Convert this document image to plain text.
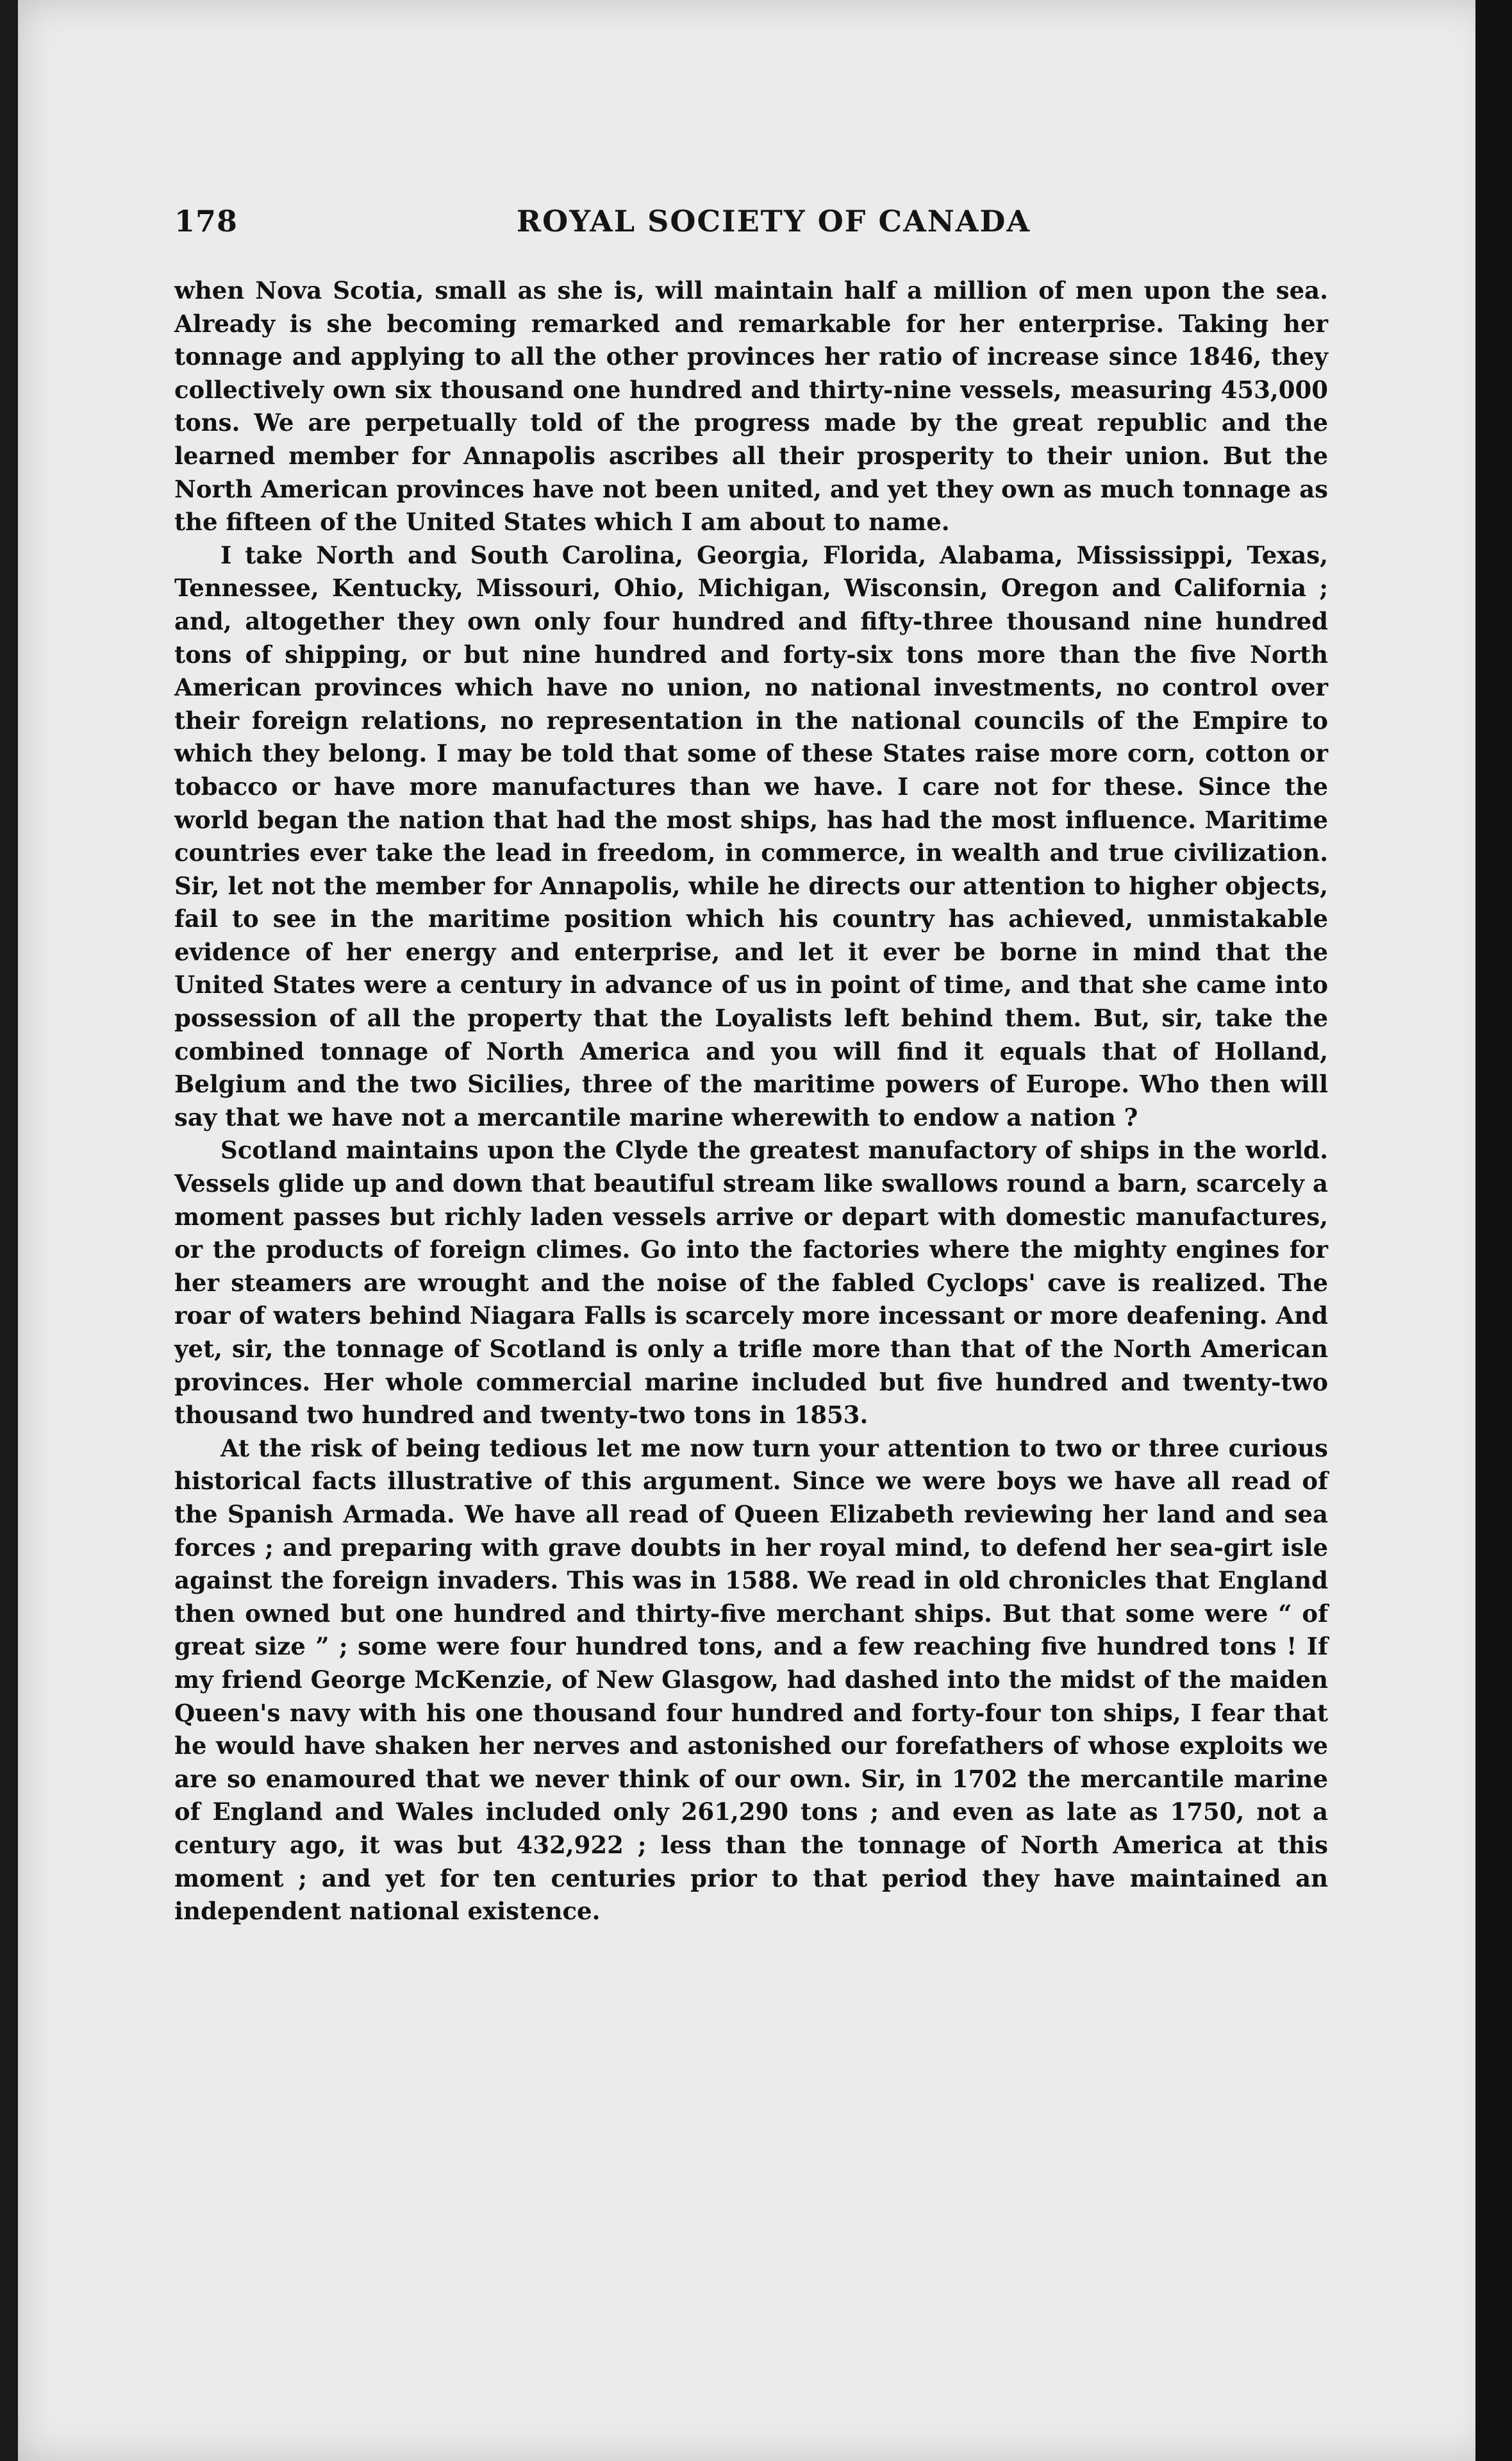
178	ROYAL SOCIETY OF CANADA

when Nova Scotia, small as she is, will maintain half a million of men upon the sea. Already is she becoming remarked and remarkable for her enterprise. Taking her tonnage and applying to all the other provinces her ratio of increase since 1846, they collectively own six thousand one hundred and thirty-nine vessels, measuring 453,000 tons. We are perpetually told of the progress made by the great republic and the learned member for Annapolis ascribes all their prosperity to their union. But the North American provinces have not been united, and yet they own as much tonnage as the fifteen of the United States which I am about to name.

I take North and South Carolina, Georgia, Florida, Alabama, Mississippi, Texas, Tennessee, Kentucky, Missouri, Ohio, Michigan, Wisconsin, Oregon and California ; and, altogether they own only four hundred and fifty-three thousand nine hundred tons of shipping, or but nine hundred and forty-six tons more than the five North American provinces which have no union, no national investments, no control over their foreign relations, no representation in the national councils of the Empire to which they belong. I may be told that some of these States raise more corn, cotton or tobacco or have more manufactures than we have. I care not for these. Since the world began the nation that had the most ships, has had the most influence. Maritime countries ever take the lead in freedom, in commerce, in wealth and true civilization. Sir, let not the member for Annapolis, while he directs our attention to higher objects, fail to see in the maritime position which his country has achieved, unmistakable evidence of her energy and enterprise, and let it ever be borne in mind that the United States were a century in advance of us in point of time, and that she came into possession of all the property that the Loyalists left behind them. But, sir, take the combined tonnage of North America and you will find it equals that of Holland, Belgium and the two Sicilies, three of the maritime powers of Europe. Who then will say that we have not a mercantile marine wherewith to endow a nation ?

Scotland maintains upon the Clyde the greatest manufactory of ships in the world. Vessels glide up and down that beautiful stream like swallows round a barn, scarcely a moment passes but richly laden vessels arrive or depart with domestic manufactures, or the products of foreign climes. Go into the factories where the mighty engines for her steamers are wrought and the noise of the fabled Cyclops' cave is realized. The roar of waters behind Niagara Falls is scarcely more incessant or more deafening. And yet, sir, the tonnage of Scotland is only a trifle more than that of the North American provinces. Her whole commercial marine included but five hundred and twenty-two thousand two hundred and twenty-two tons in 1853.

At the risk of being tedious let me now turn your attention to two or three curious historical facts illustrative of this argument. Since we were boys we have all read of the Spanish Armada. We have all read of Queen Elizabeth reviewing her land and sea forces ; and preparing with grave doubts in her royal mind, to defend her sea-girt isle against the foreign invaders. This was in 1588. We read in old chronicles that England then owned but one hundred and thirty-five merchant ships. But that some were “ of great size ” ; some were four hundred tons, and a few reaching five hundred tons ! If my friend George McKenzie, of New Glasgow, had dashed into the midst of the maiden Queen's navy with his one thousand four hundred and forty-four ton ships, I fear that he would have shaken her nerves and astonished our forefathers of whose exploits we are so enamoured that we never think of our own. Sir, in 1702 the mercantile marine of England and Wales included only 261,290 tons ; and even as late as 1750, not a century ago, it was but 432,922 ; less than the tonnage of North America at this moment ; and yet for ten centuries prior to that period they have maintained an independent national existence.
